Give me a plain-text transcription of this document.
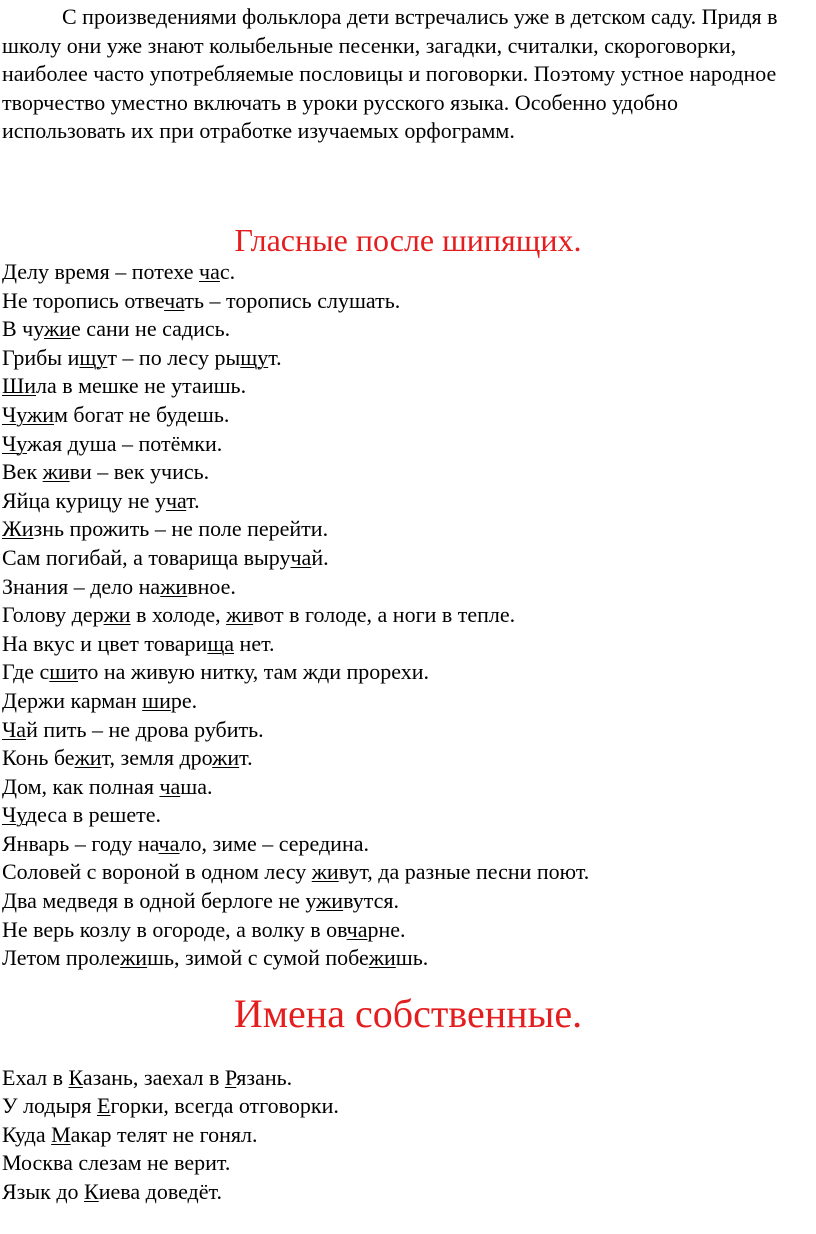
С произведениями фольклора дети встречались уже в детском саду. Придя в школу они уже знают колыбельные песенки, загадки, считалки, скороговорки, наиболее часто употребляемые пословицы и поговорки. Поэтому устное народное творчество уместно включать в уроки русского языка. Особенно удобно использовать их при отработке изучаемых орфограмм.

Гласные после шипящих.
Делу время – потехе час.
Не торопись отвечать – торопись слушать.
В чужие сани не садись.
Грибы ищут – по лесу рыщут.
Шила в мешке не утаишь.
Чужим богат не будешь.
Чужая душа – потёмки.
Век живи – век учись.
Яйца курицу не учат.
Жизнь прожить – не поле перейти.
Сам погибай, а товарища выручай.
Знания – дело наживное.
Голову держи в холоде, живот в голоде, а ноги в тепле.
На вкус и цвет товарища нет.
Где сшито на живую нитку, там жди прорехи.
Держи карман шире.
Чай пить – не дрова рубить.
Конь бежит, земля дрожит.
Дом, как полная чаша.
Чудеса в решете.
Январь – году начало, зиме – середина.
Соловей с вороной в одном лесу живут, да разные песни поют.
Два медведя в одной берлоге не уживутся.
Не верь козлу в огороде, а волку в овчарне.
Летом пролежишь, зимой с сумой побежишь.
Имена собственные.
Ехал в Казань, заехал в Рязань.
У лодыря Егорки, всегда отговорки.
Куда Макар телят не гонял.
Москва слезам не верит.
Язык до Киева доведёт.
